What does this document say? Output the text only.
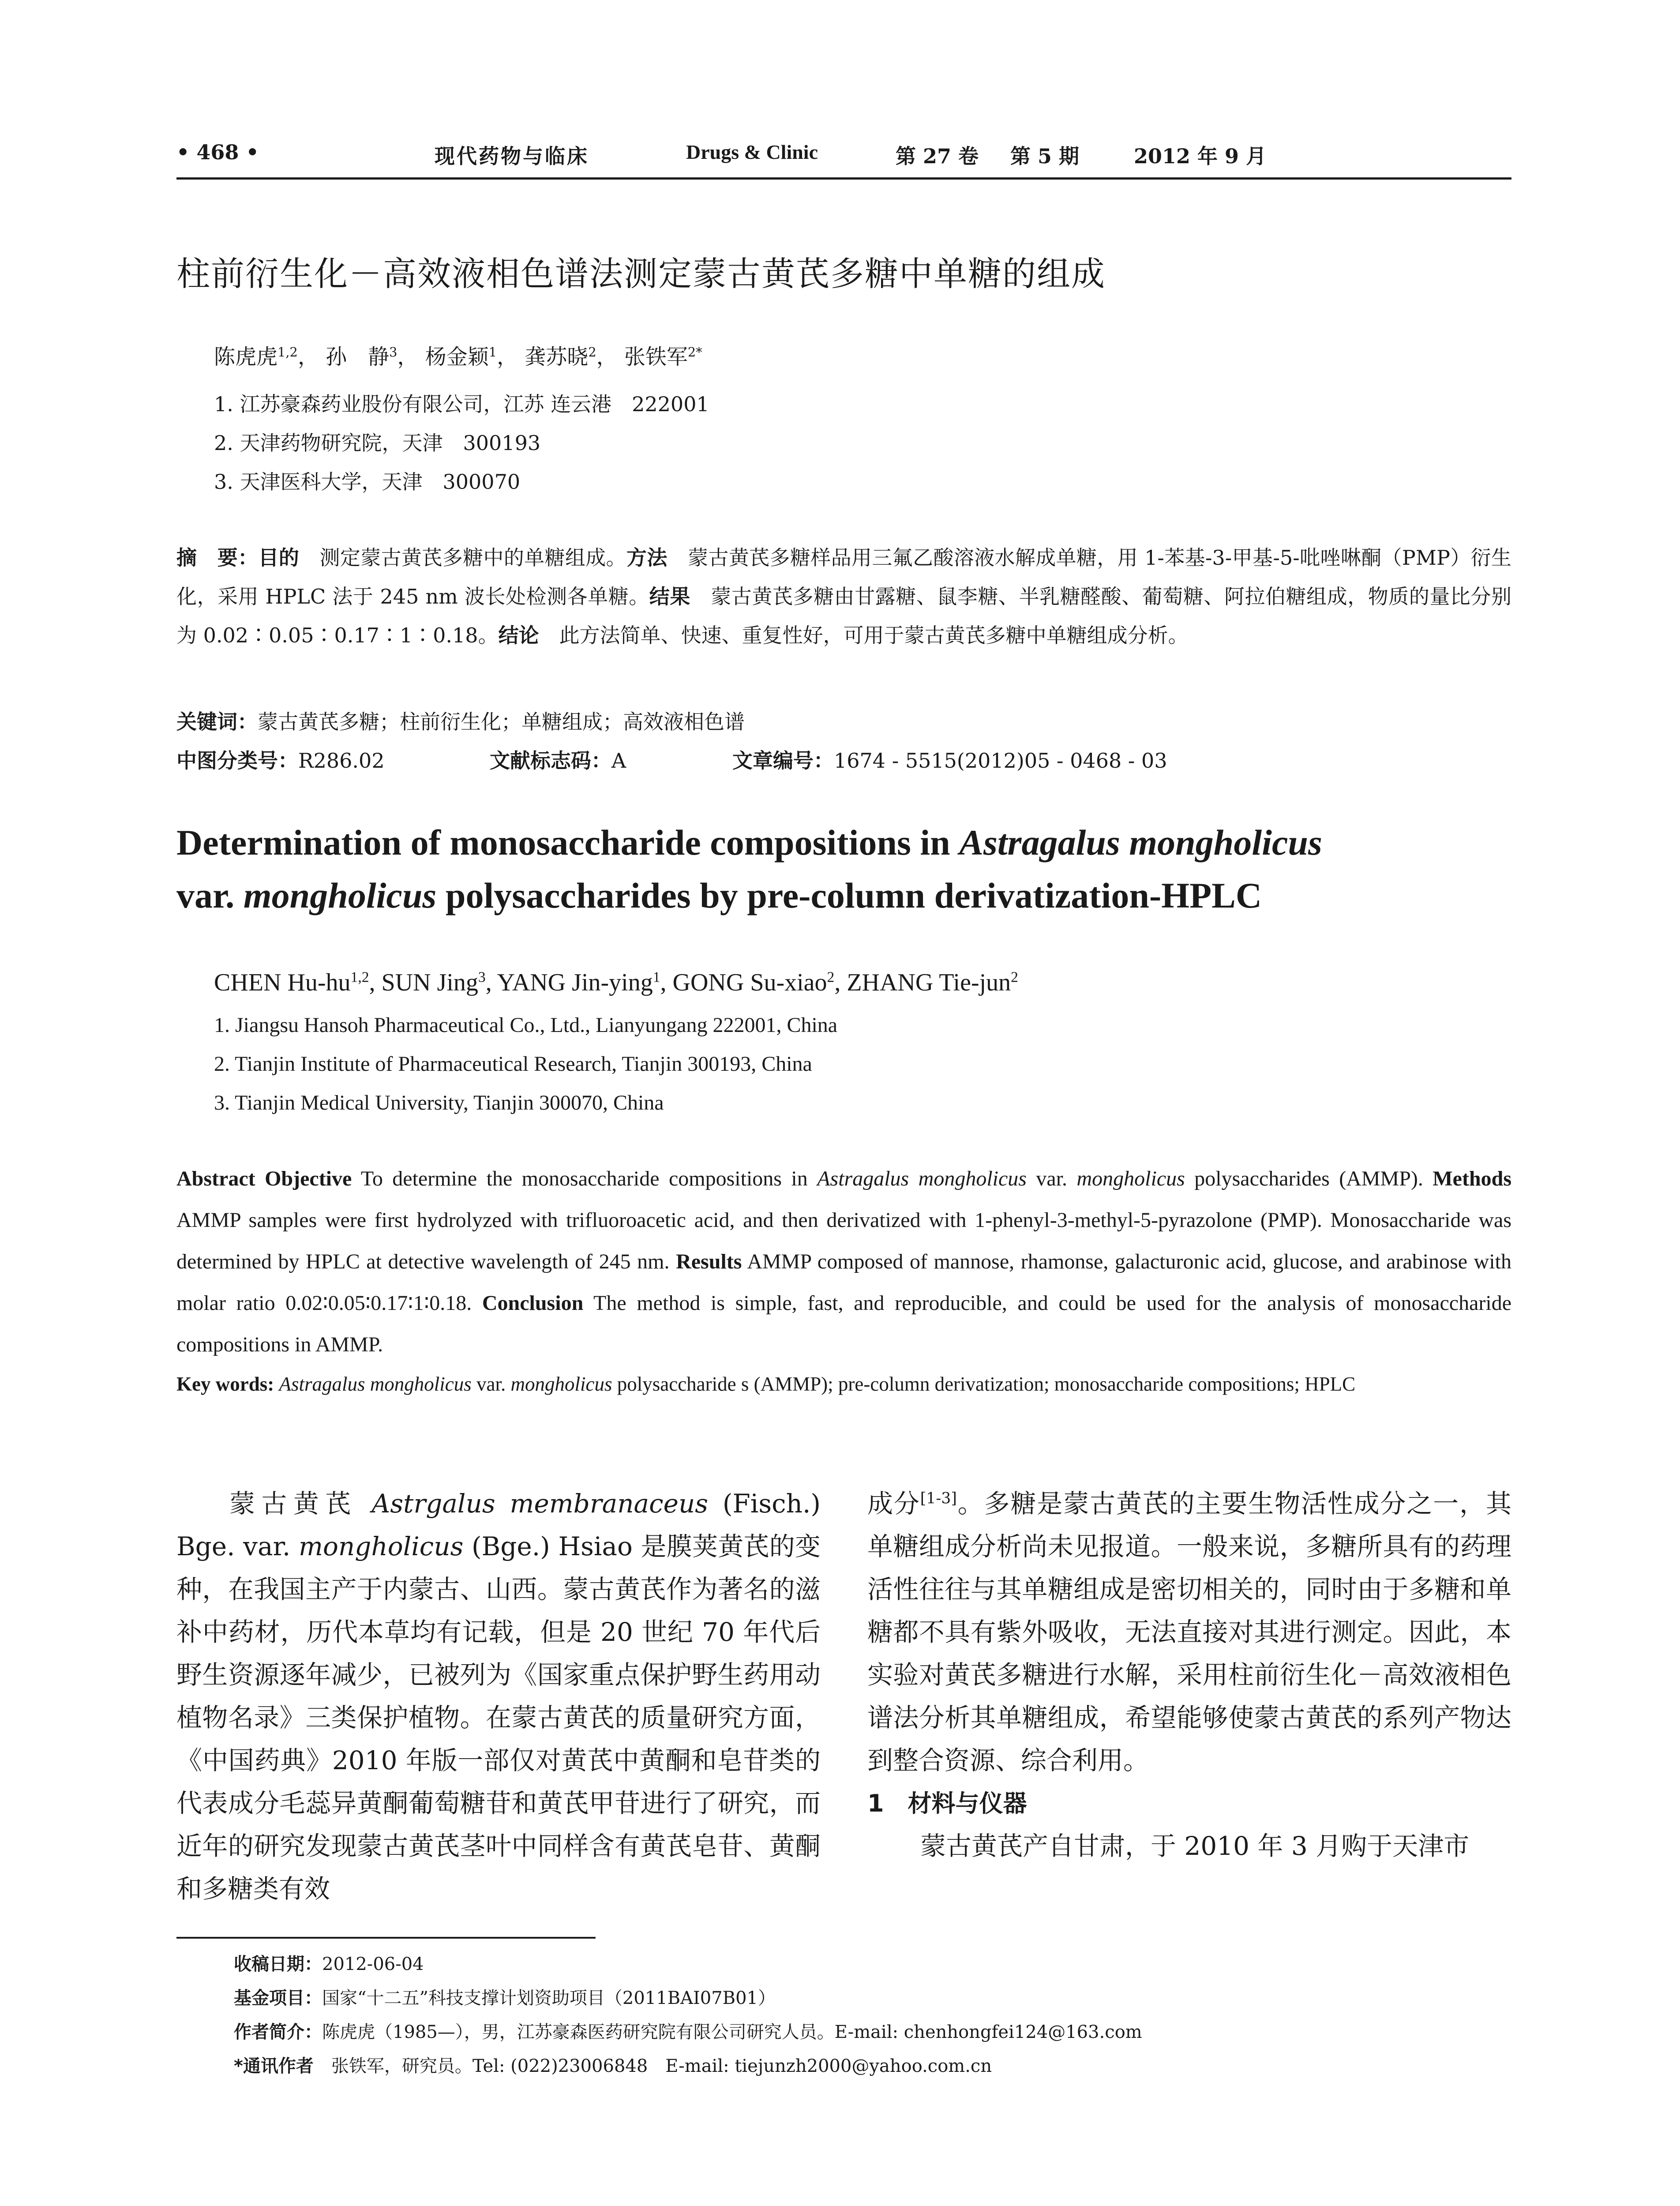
• 468 •	现代药物与临床	Drugs & Clinic	第 27 卷 第 5 期	2012 年 9 月
柱前衍生化－高效液相色谱法测定蒙古黄芪多糖中单糖的组成
陈虎虎$^{1,2}$， 孙　静$^3$， 杨金颖$^1$， 龚苏晓$^2$， 张铁军$^{2*}$
1. 江苏豪森药业股份有限公司，江苏 连云港　222001
2. 天津药物研究院，天津　300193
3. 天津医科大学，天津　300070
摘　要：目的　测定蒙古黄芪多糖中的单糖组成。方法　蒙古黄芪多糖样品用三氟乙酸溶液水解成单糖，用 1-苯基-3-甲基-5-吡唑啉酮（PMP）衍生化，采用 HPLC 法于 245 nm 波长处检测各单糖。结果　蒙古黄芪多糖由甘露糖、鼠李糖、半乳糖醛酸、葡萄糖、阿拉伯糖组成，物质的量比分别为 0.02∶0.05∶0.17∶1∶0.18。结论　此方法简单、快速、重复性好，可用于蒙古黄芪多糖中单糖组成分析。
关键词：蒙古黄芪多糖；柱前衍生化；单糖组成；高效液相色谱
中图分类号：R286.02	文献标志码：A	文章编号：1674 - 5515(2012)05 - 0468 - 03
Determination of monosaccharide compositions in Astragalus mongholicus
var. mongholicus polysaccharides by pre-column derivatization-HPLC
CHEN Hu-hu$^{1,2}$, SUN Jing$^3$, YANG Jin-ying$^1$, GONG Su-xiao$^2$, ZHANG Tie-jun$^2$
1. Jiangsu Hansoh Pharmaceutical Co., Ltd., Lianyungang 222001, China
2. Tianjin Institute of Pharmaceutical Research, Tianjin 300193, China
3. Tianjin Medical University, Tianjin 300070, China
Abstract Objective To determine the monosaccharide compositions in Astragalus mongholicus var. mongholicus polysaccharides (AMMP). Methods AMMP samples were first hydrolyzed with trifluoroacetic acid, and then derivatized with 1-phenyl-3-methyl-5-pyrazolone (PMP). Monosaccharide was determined by HPLC at detective wavelength of 245 nm. Results AMMP composed of mannose, rhamonse, galacturonic acid, glucose, and arabinose with molar ratio 0.02∶0.05∶0.17∶1∶0.18. Conclusion The method is simple, fast, and reproducible, and could be used for the analysis of monosaccharide compositions in AMMP.
Key words: Astragalus mongholicus var. mongholicus polysaccharide s (AMMP); pre-column derivatization; monosaccharide compositions; HPLC
蒙古黄芪 Astrgalus membranaceus (Fisch.) Bge. var. mongholicus (Bge.) Hsiao 是膜荚黄芪的变种，在我国主产于内蒙古、山西。蒙古黄芪作为著名的滋补中药材，历代本草均有记载，但是 20 世纪 70 年代后野生资源逐年减少，已被列为《国家重点保护野生药用动植物名录》三类保护植物。在蒙古黄芪的质量研究方面，《中国药典》2010 年版一部仅对黄芪中黄酮和皂苷类的代表成分毛蕊异黄酮葡萄糖苷和黄芪甲苷进行了研究，而近年的研究发现蒙古黄芪茎叶中同样含有黄芪皂苷、黄酮和多糖类有效
成分[1-3]。多糖是蒙古黄芪的主要生物活性成分之一，其单糖组成分析尚未见报道。一般来说，多糖所具有的药理活性往往与其单糖组成是密切相关的，同时由于多糖和单糖都不具有紫外吸收，无法直接对其进行测定。因此，本实验对黄芪多糖进行水解，采用柱前衍生化－高效液相色谱法分析其单糖组成，希望能够使蒙古黄芪的系列产物达到整合资源、综合利用。
1　材料与仪器
蒙古黄芪产自甘肃，于 2010 年 3 月购于天津市
收稿日期：2012-06-04
基金项目：国家“十二五”科技支撑计划资助项目（2011BAI07B01）
作者简介：陈虎虎（1985—），男，江苏豪森医药研究院有限公司研究人员。E-mail: chenhongfei124@163.com
*通讯作者　张铁军，研究员。Tel: (022)23006848　E-mail: tiejunzh2000@yahoo.com.cn
